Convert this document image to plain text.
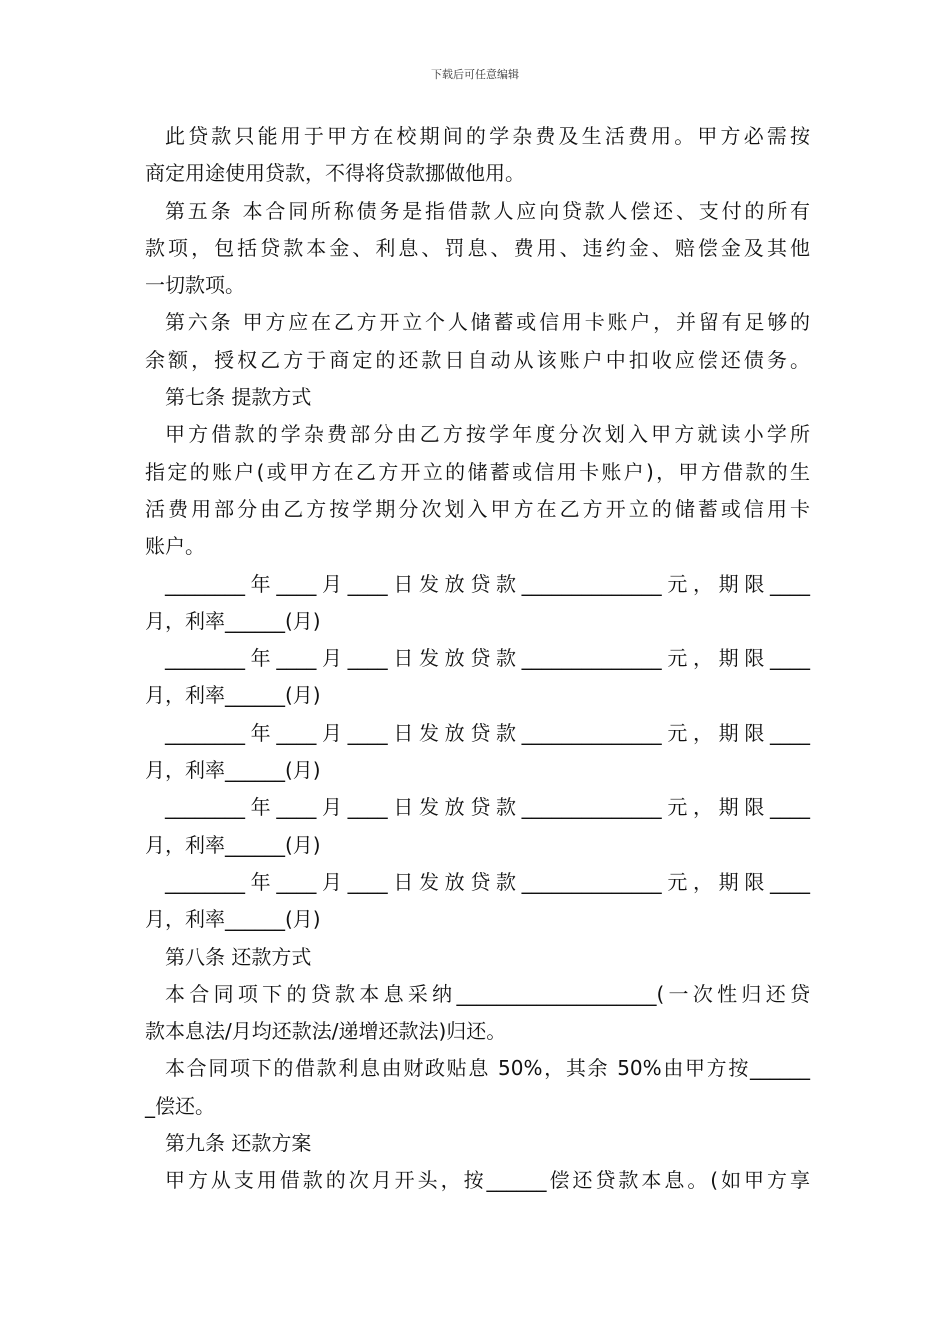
下载后可任意编辑
此贷款只能用于甲方在校期间的学杂费及生活费用。甲方必需按
商定用途使用贷款，不得将贷款挪做他用。
第五条 本合同所称债务是指借款人应向贷款人偿还、支付的所有
款项，包括贷款本金、利息、罚息、费用、违约金、赔偿金及其他
一切款项。
第六条 甲方应在乙方开立个人储蓄或信用卡账户，并留有足够的
余额，授权乙方于商定的还款日自动从该账户中扣收应偿还债务。
第七条 提款方式
甲方借款的学杂费部分由乙方按学年度分次划入甲方就读小学所
指定的账户(或甲方在乙方开立的储蓄或信用卡账户)，甲方借款的生
活费用部分由乙方按学期分次划入甲方在乙方开立的储蓄或信用卡
账户。
________年____月____日发放贷款______________元，期限____
月，利率______(月)
________年____月____日发放贷款______________元，期限____
月，利率______(月)
________年____月____日发放贷款______________元，期限____
月，利率______(月)
________年____月____日发放贷款______________元，期限____
月，利率______(月)
________年____月____日发放贷款______________元，期限____
月，利率______(月)
第八条 还款方式
本合同项下的贷款本息采纳____________________(一次性归还贷
款本息法/月均还款法/递增还款法)归还。
本合同项下的借款利息由财政贴息 50%，其余 50%由甲方按______
_偿还。
第九条 还款方案
甲方从支用借款的次月开头，按______偿还贷款本息。(如甲方享
